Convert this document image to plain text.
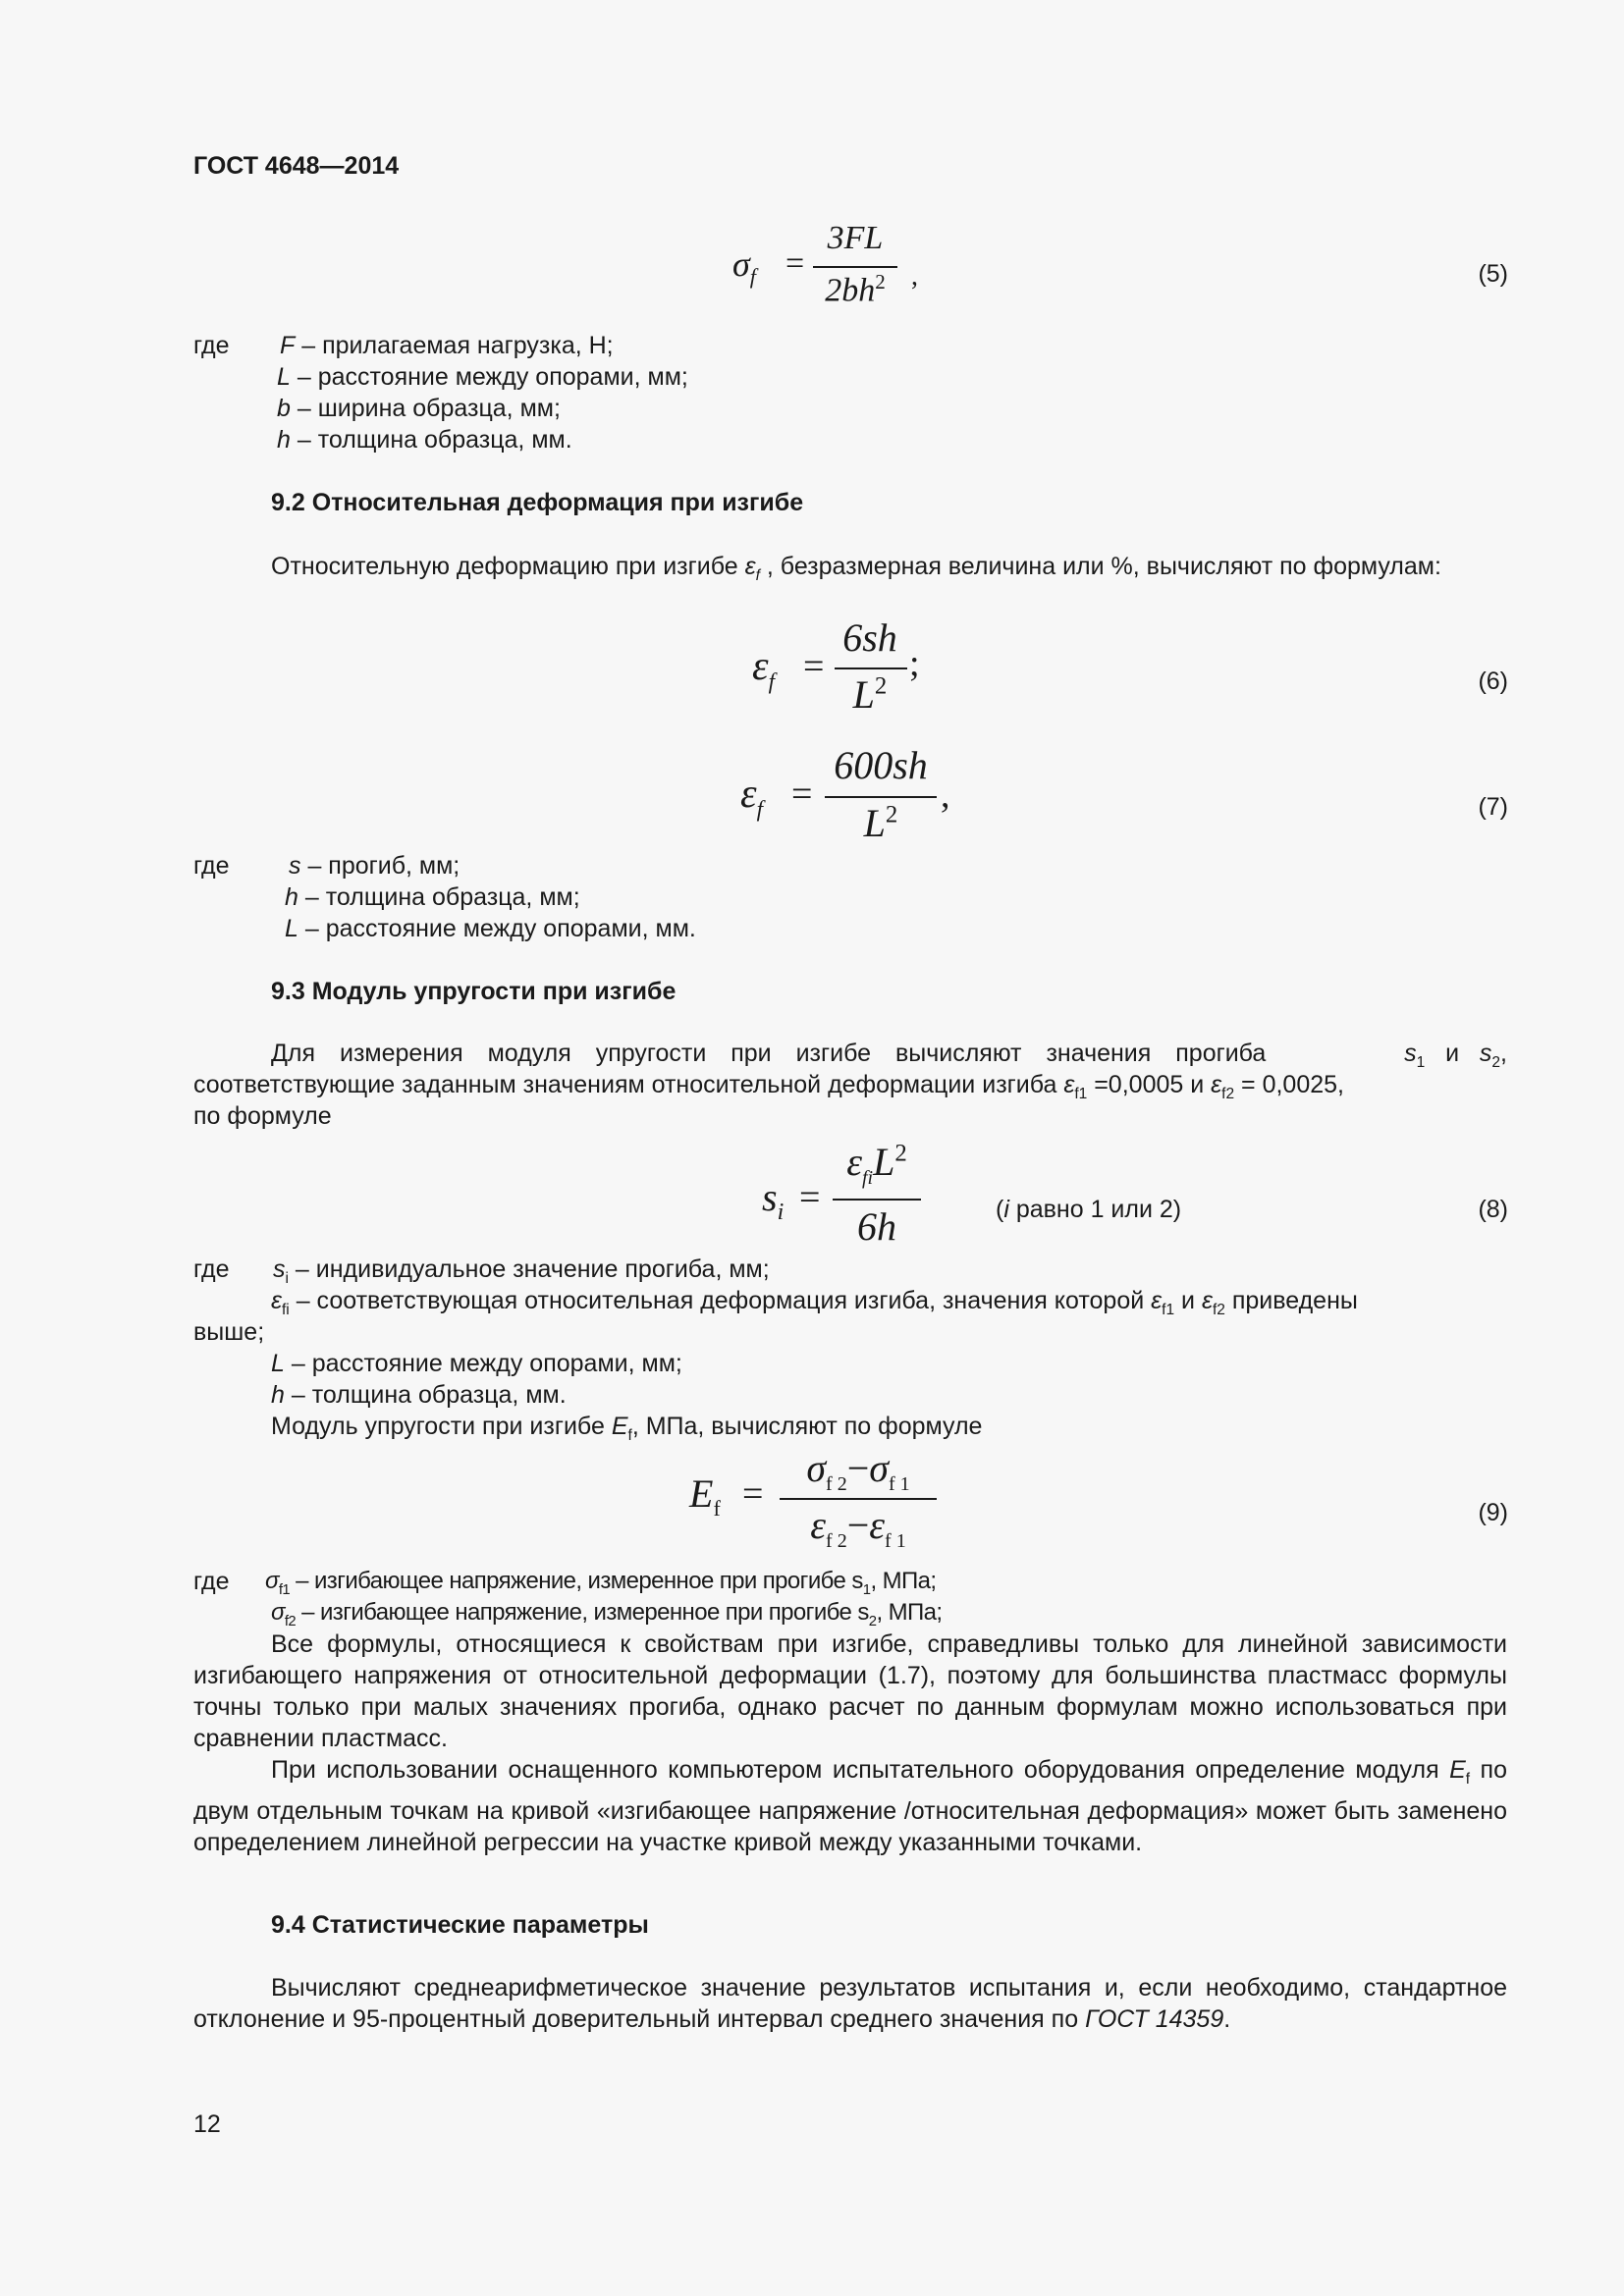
ГОСТ 4648—2014
$\sigma_f$ =
3FL
$2bh^2$ ,	(5)
где F – прилагаемая нагрузка, Н;
L – расстояние между опорами, мм;
b – ширина образца, мм;
h – толщина образца, мм.
9.2 Относительная деформация при изгибе
Относительную деформацию при изгибе $\varepsilon_f$ , безразмерная величина или %, вычисляют по формулам:
$\varepsilon_f$ =
6sh
$L^2$
;	(6)
$\varepsilon_f$ =
600sh
$L^2$	,	(7)
где s – прогиб, мм;
h – толщина образца, мм;
L – расстояние между опорами, мм.
9.3 Модуль упругости при изгибе
Для измерения модуля упругости при изгибе вычисляют значения прогиба	$s_1$ и $s_2$,
соответствующие заданным значениям относительной деформации изгиба $\varepsilon_{f1} =0,0005$ и $\varepsilon_{f2} = 0,0025$,
по формуле
$s_i$ =
$\varepsilon_{fi}L^2$
6h	(i равно 1 или 2)	(8)
где $s_i$ – индивидуальное значение прогиба, мм;
$\varepsilon_{fi}$ – соответствующая относительная деформация изгиба, значения которой $\varepsilon_{f1}$ и $\varepsilon_{f2}$ приведены
выше;
L – расстояние между опорами, мм;
h – толщина образца, мм.
Модуль упругости при изгибе $E_f$, МПа, вычисляют по формуле
$E_f$ =
$\sigma_{f 2}-\sigma_{f 1}$
$\varepsilon_{f 2}-\varepsilon_{f 1}$
(9)
где $\sigma_{f1}$ – изгибающее напряжение, измеренное при прогибе $s_1$, МПа;
$\sigma_{f2}$ – изгибающее напряжение, измеренное при прогибе $s_2$, МПа;
Все формулы, относящиеся к свойствам при изгибе, справедливы только для линейной зависимости изгибающего напряжения от относительной деформации (1.7), поэтому для большинства пластмасс формулы точны только при малых значениях прогиба, однако расчет по данным формулам можно использоваться при сравнении пластмасс.
При использовании оснащенного компьютером испытательного оборудования определение модуля $E_f$ по двум отдельным точкам на кривой «изгибающее напряжение /относительная деформация» может быть заменено определением линейной регрессии на участке кривой между указанными точками.
9.4 Статистические параметры
Вычисляют среднеарифметическое значение результатов испытания и, если необходимо, стандартное отклонение и 95-процентный доверительный интервал среднего значения по ГОСТ 14359.
12
